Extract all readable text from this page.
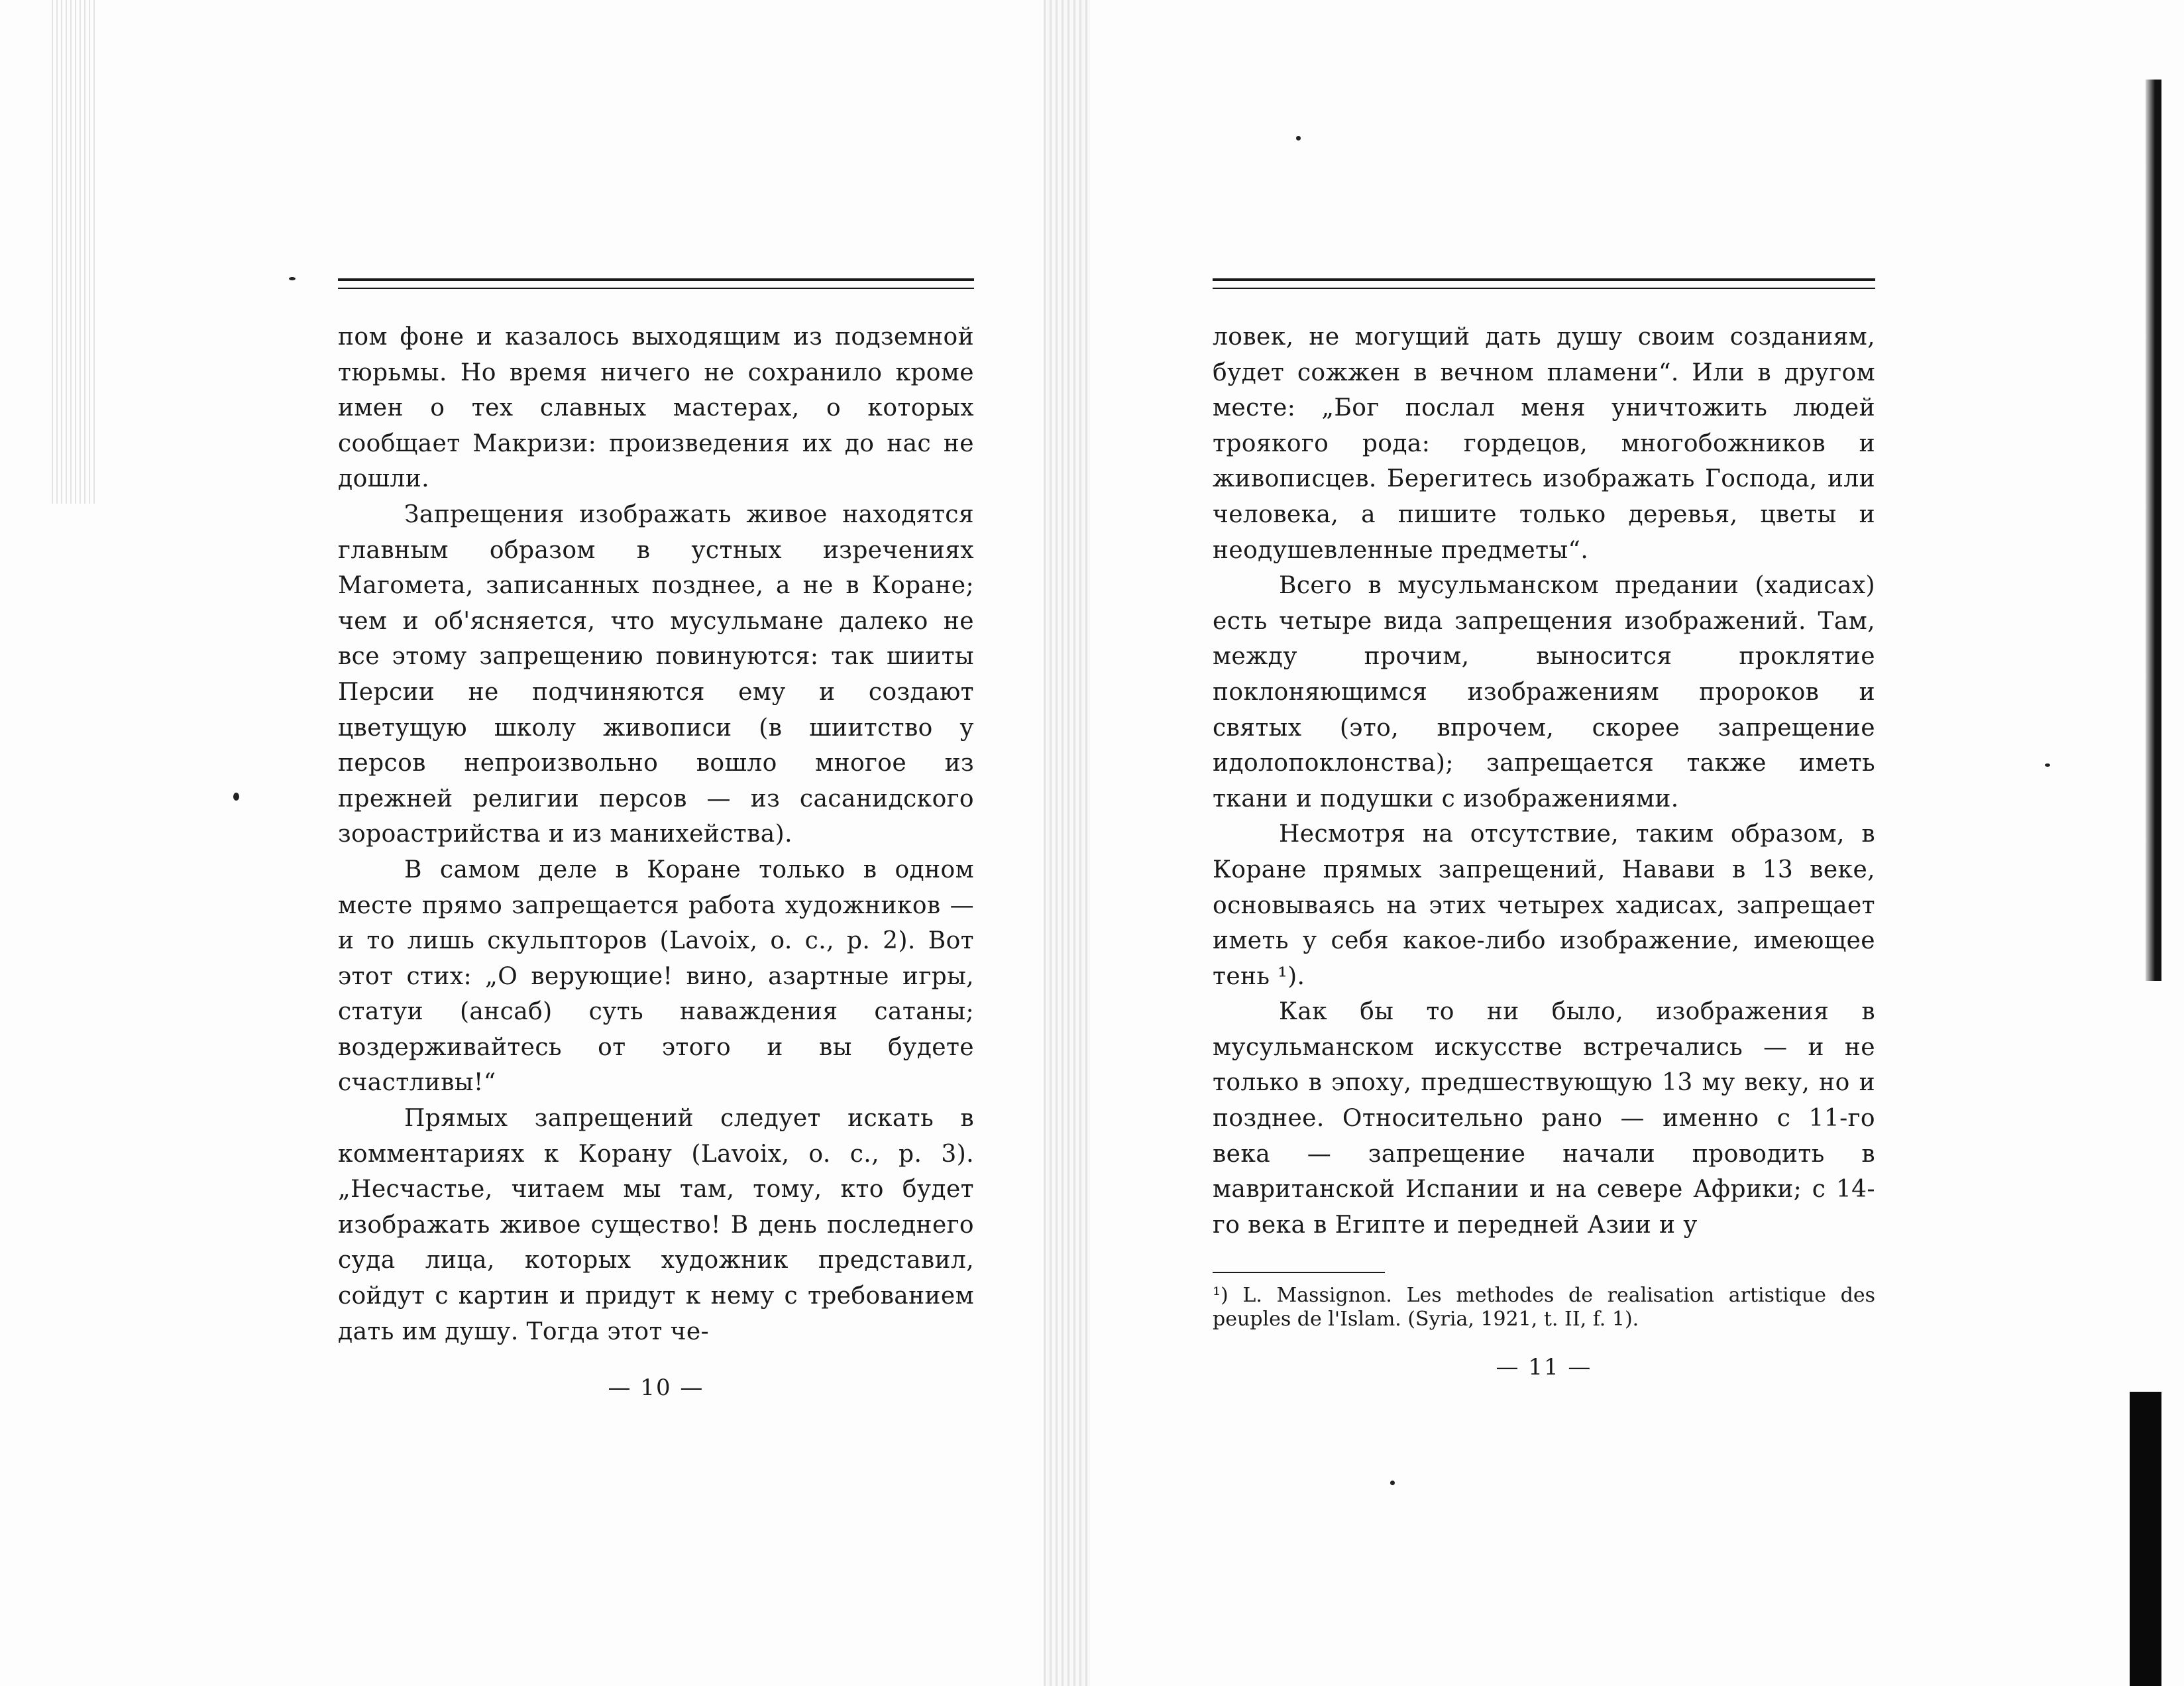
пом фоне и казалось выходящим из подземной тюрьмы. Но время ничего не сохранило кроме имен о тех славных мастерах, о которых сообщает Макризи: произведения их до нас не дошли.

Запрещения изображать живое находятся главным образом в устных изречениях Магомета, записанных позднее, а не в Коране; чем и об'ясняется, что мусульмане далеко не все этому запрещению повинуются: так шииты Персии не подчиняются ему и создают цветущую школу живописи (в шиитство у персов непроизвольно вошло многое из прежней религии персов — из сасанидского зороастрийства и из манихейства).

В самом деле в Коране только в одном месте прямо запрещается работа художников — и то лишь скульпторов (Lavoix, o. c., p. 2). Вот этот стих: „О верующие! вино, азартные игры, статуи (ансаб) суть наваждения сатаны; воздерживайтесь от этого и вы будете счастливы!“

Прямых запрещений следует искать в комментариях к Корану (Lavoix, o. c., p. 3). „Несчастье, читаем мы там, тому, кто будет изображать живое существо! В день последнего суда лица, которых художник представил, сойдут с картин и придут к нему с требованием дать им душу. Тогда этот че-

— 10 —

ловек, не могущий дать душу своим созданиям, будет сожжен в вечном пламени“. Или в другом месте: „Бог послал меня уничтожить людей троякого рода: гордецов, многобожников и живописцев. Берегитесь изображать Господа, или человека, а пишите только деревья, цветы и неодушевленные предметы“.

Всего в мусульманском предании (хадисах) есть четыре вида запрещения изображений. Там, между прочим, выносится проклятие поклоняющимся изображениям пророков и святых (это, впрочем, скорее запрещение идолопоклонства); запрещается также иметь ткани и подушки с изображениями.

Несмотря на отсутствие, таким образом, в Коране прямых запрещений, Навави в 13 веке, основываясь на этих четырех хадисах, запрещает иметь у себя какое-либо изображение, имеющее тень ¹).

Как бы то ни было, изображения в мусульманском искусстве встречались — и не только в эпоху, предшествующую 13 му веку, но и позднее. Относительно рано — именно с 11-го века — запрещение начали проводить в мавританской Испании и на севере Африки; с 14-го века в Египте и передней Азии и у

¹) L. Massignon. Les methodes de realisation artistique des peuples de l'Islam. (Syria, 1921, t. II, f. 1).

— 11 —
